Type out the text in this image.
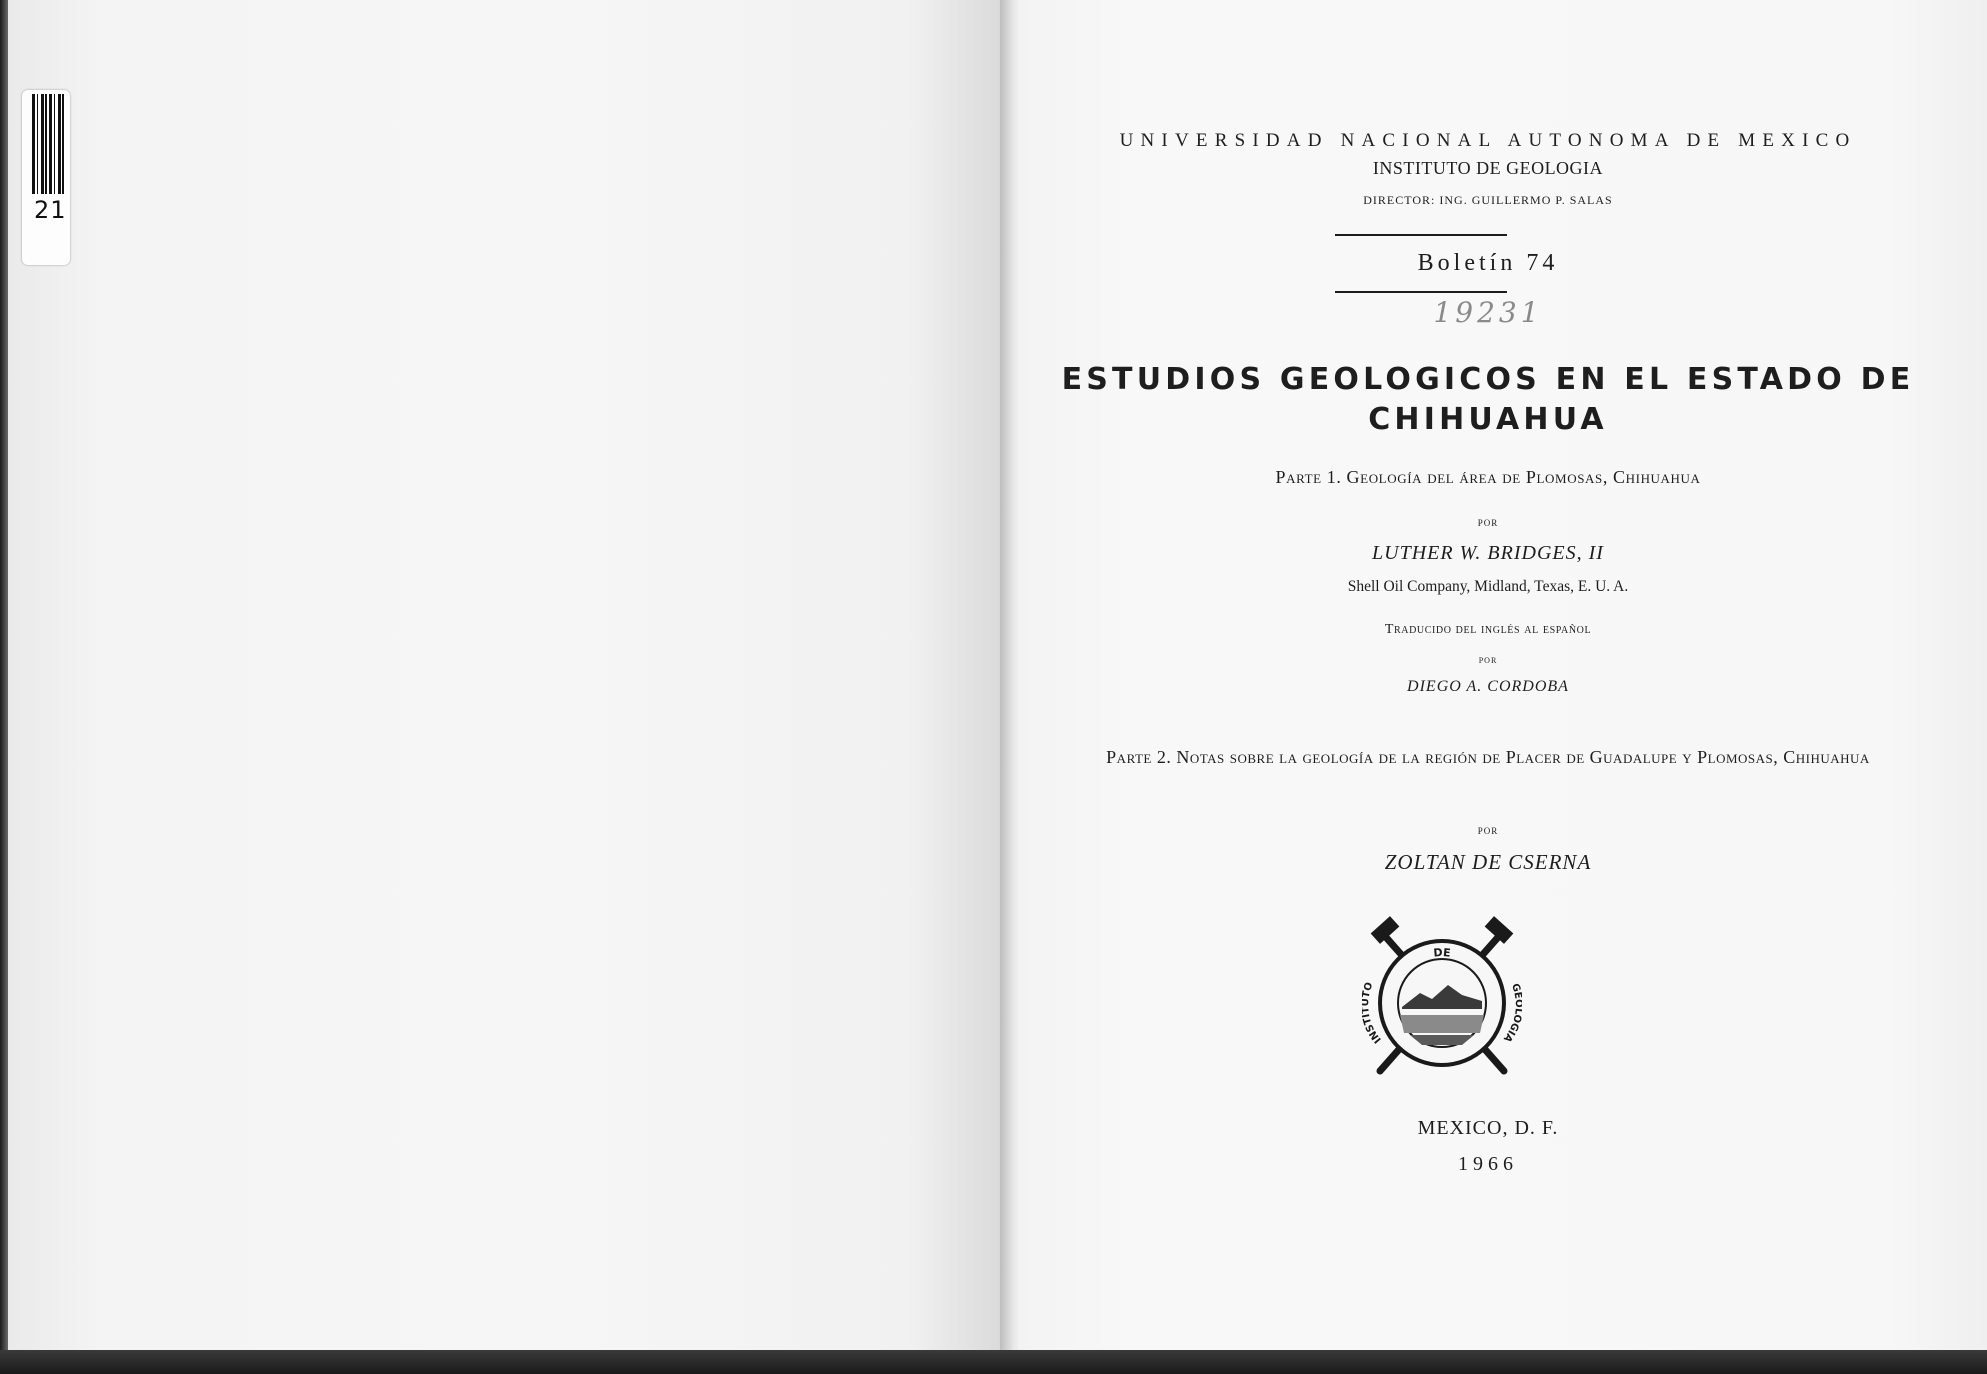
21
UNIVERSIDAD NACIONAL AUTONOMA DE MEXICO
INSTITUTO DE GEOLOGIA
DIRECTOR: ING. GUILLERMO P. SALAS
Boletín 74
19231
ESTUDIOS GEOLOGICOS EN EL ESTADO DE CHIHUAHUA
Parte 1. Geología del área de Plomosas, Chihuahua
por
LUTHER W. BRIDGES, II
Shell Oil Company, Midland, Texas, E. U. A.
Traducido del inglés al español
por
DIEGO A. CORDOBA
Parte 2. Notas sobre la geología de la región de Placer de Guadalupe y Plomosas, Chihuahua
por
ZOLTAN DE CSERNA
DE
INSTI O	G OGIA
MEXICO, D. F.
1966
